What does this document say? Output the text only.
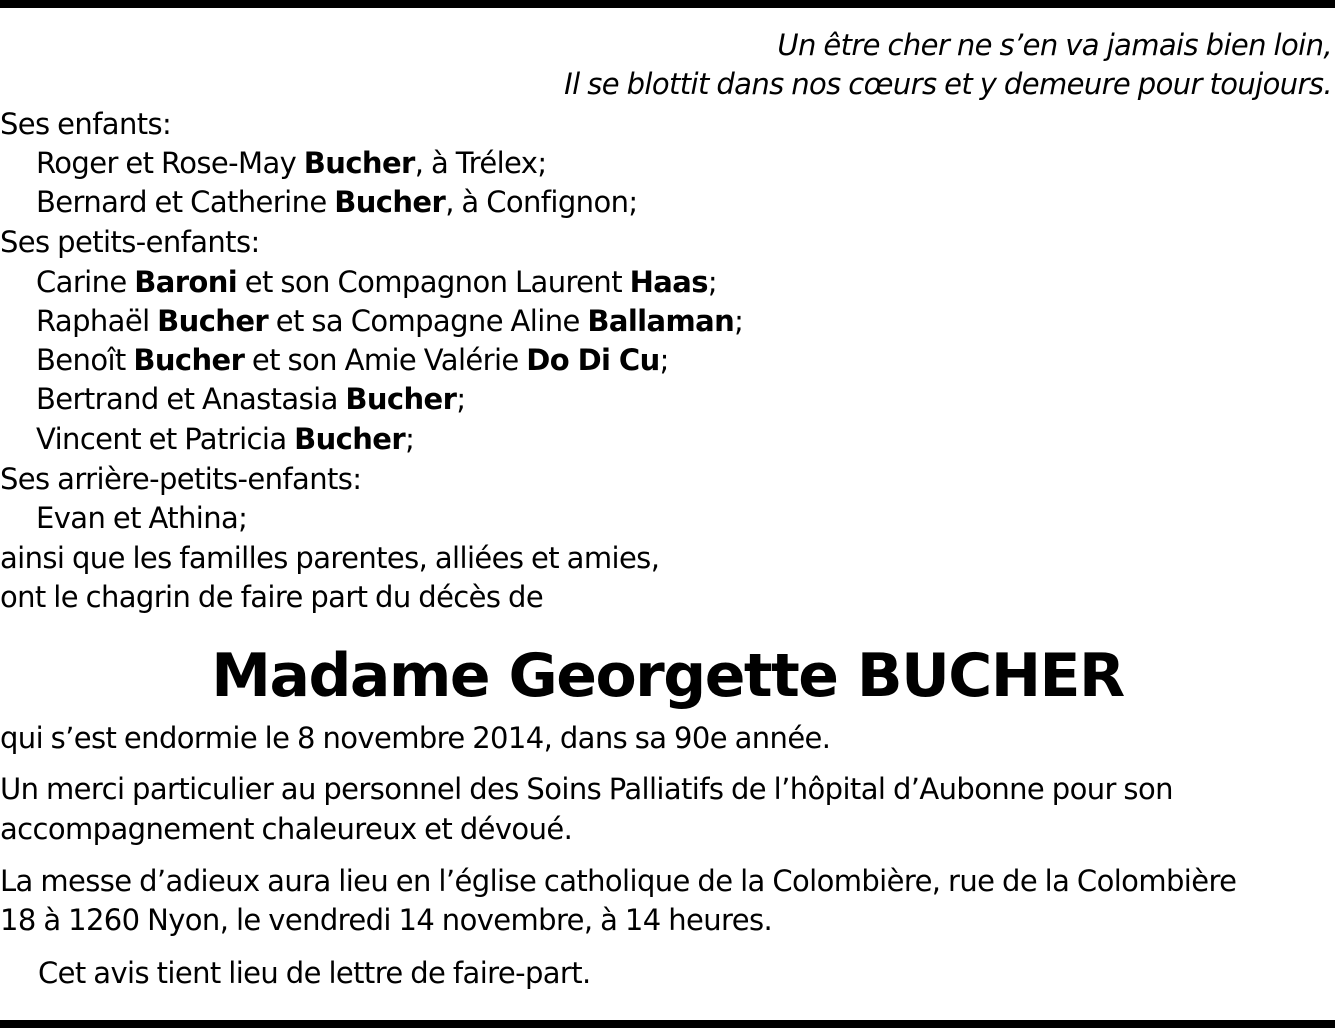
Un être cher ne s’en va jamais bien loin,
Il se blottit dans nos cœurs et y demeure pour toujours.
Ses enfants:
Roger et Rose-May Bucher, à Trélex;
Bernard et Catherine Bucher, à Confignon;
Ses petits-enfants:
Carine Baroni et son Compagnon Laurent Haas;
Raphaël Bucher et sa Compagne Aline Ballaman;
Benoît Bucher et son Amie Valérie Do Di Cu;
Bertrand et Anastasia Bucher;
Vincent et Patricia Bucher;
Ses arrière-petits-enfants:
Evan et Athina;
ainsi que les familles parentes, alliées et amies,
ont le chagrin de faire part du décès de
Madame Georgette BUCHER
qui s’est endormie le 8 novembre 2014, dans sa 90e année.
Un merci particulier au personnel des Soins Palliatifs de l’hôpital d’Aubonne pour son
accompagnement chaleureux et dévoué.
La messe d’adieux aura lieu en l’église catholique de la Colombière, rue de la Colombière
18 à 1260 Nyon, le vendredi 14 novembre, à 14 heures.
Cet avis tient lieu de lettre de faire-part.
